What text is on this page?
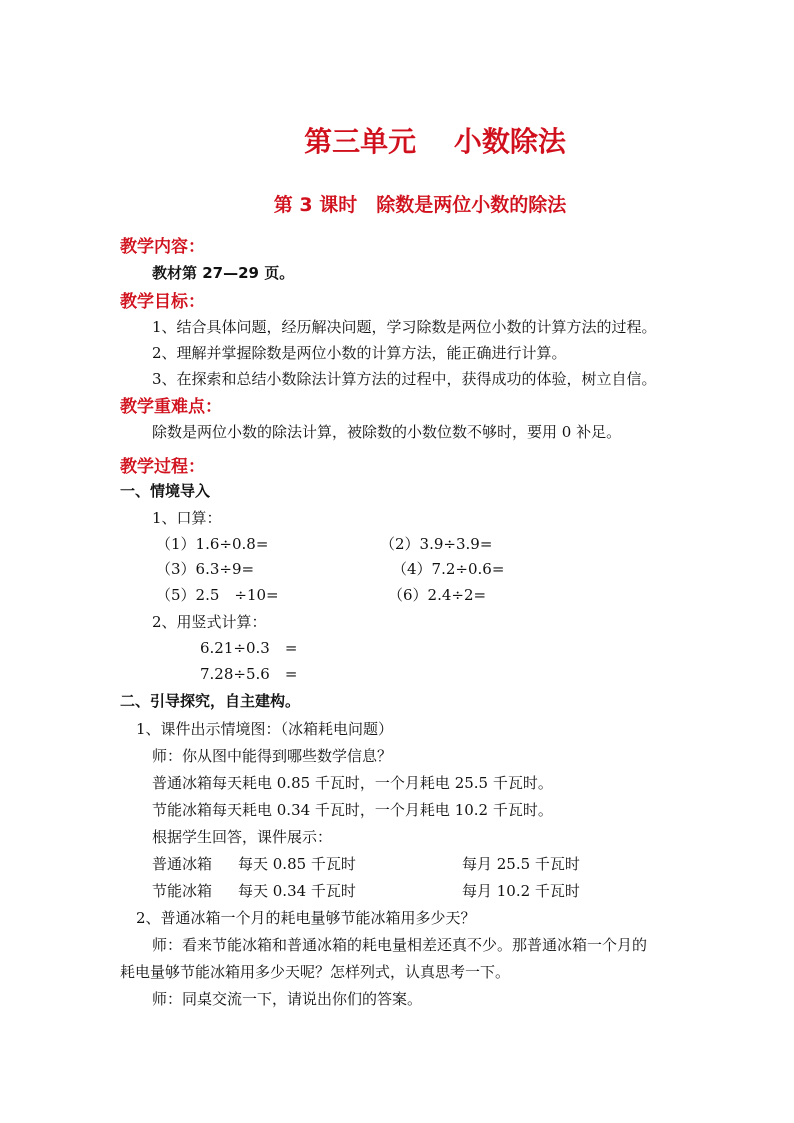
第三单元　 小数除法
第 3 课时　除数是两位小数的除法
教学内容：
教材第 27—29 页。
教学目标：
1、结合具体问题，经历解决问题，学习除数是两位小数的计算方法的过程。
2、理解并掌握除数是两位小数的计算方法，能正确进行计算。
3、在探索和总结小数除法计算方法的过程中，获得成功的体验，树立自信。
教学重难点：
除数是两位小数的除法计算，被除数的小数位数不够时，要用 0 补足。
教学过程：
一、情境导入
1、口算：
（1）1.6÷0.8=	（2）3.9÷3.9=
（3）6.3÷9=	（4）7.2÷0.6=
（5）2.5　÷10=	（6）2.4÷2=
2、用竖式计算：
6.21÷0.3　=
7.28÷5.6　=
二、引导探究，自主建构。
1、课件出示情境图：（冰箱耗电问题）
师：你从图中能得到哪些数学信息？
普通冰箱每天耗电 0.85 千瓦时，一个月耗电 25.5 千瓦时。
节能冰箱每天耗电 0.34 千瓦时，一个月耗电 10.2 千瓦时。
根据学生回答，课件展示：
普通冰箱 每天 0.85 千瓦时	每月 25.5 千瓦时
节能冰箱 每天 0.34 千瓦时	每月 10.2 千瓦时
2、普通冰箱一个月的耗电量够节能冰箱用多少天？
师：看来节能冰箱和普通冰箱的耗电量相差还真不少。那普通冰箱一个月的
耗电量够节能冰箱用多少天呢？怎样列式，认真思考一下。
师：同桌交流一下，请说出你们的答案。
